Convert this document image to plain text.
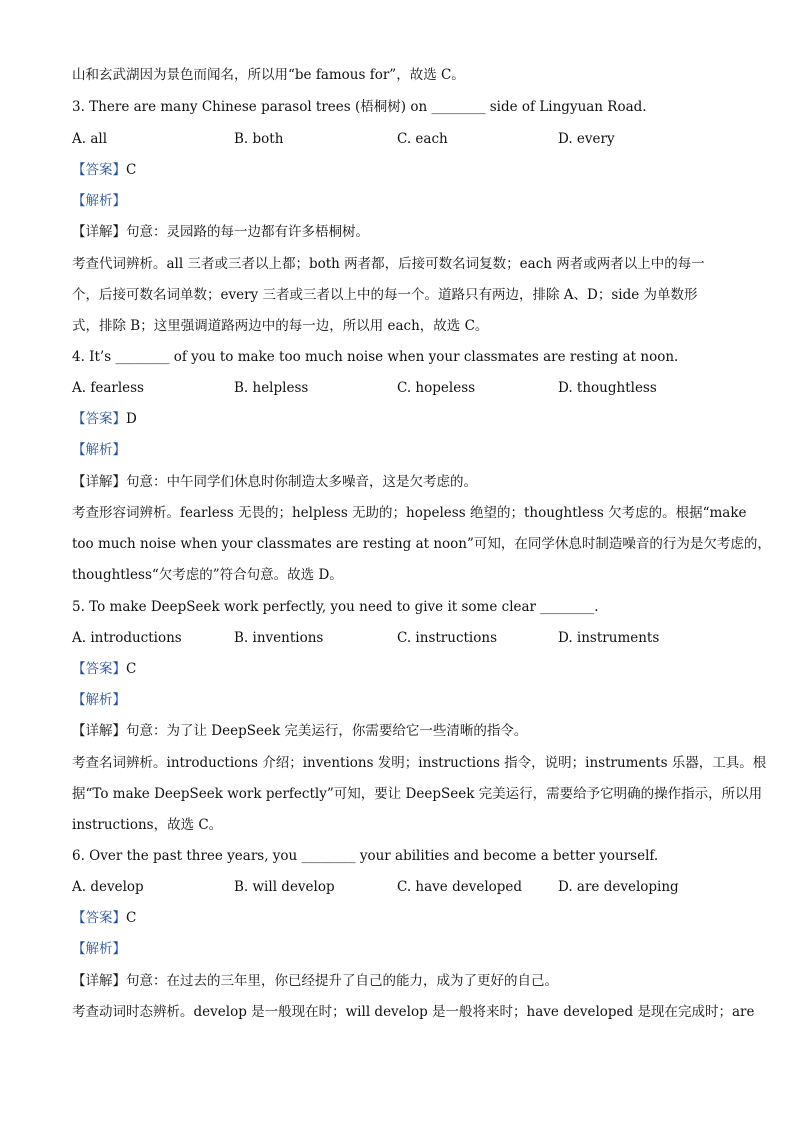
山和玄武湖因为景色而闻名，所以用“be famous for”，故选 C。
3. There are many Chinese parasol trees (梧桐树) on ________ side of Lingyuan Road.
A. all	B. both	C. each	D. every
【答案】C
【解析】
【详解】句意：灵园路的每一边都有许多梧桐树。
考查代词辨析。all 三者或三者以上都；both 两者都，后接可数名词复数；each 两者或两者以上中的每一
个，后接可数名词单数；every 三者或三者以上中的每一个。道路只有两边，排除 A、D；side 为单数形
式，排除 B；这里强调道路两边中的每一边，所以用 each，故选 C。
4. It’s ________ of you to make too much noise when your classmates are resting at noon.
A. fearless	B. helpless	C. hopeless	D. thoughtless
【答案】D
【解析】
【详解】句意：中午同学们休息时你制造太多噪音，这是欠考虑的。
考查形容词辨析。fearless 无畏的；helpless 无助的；hopeless 绝望的；thoughtless 欠考虑的。根据“make
too much noise when your classmates are resting at noon”可知，在同学休息时制造噪音的行为是欠考虑的，
thoughtless“欠考虑的”符合句意。故选 D。
5. To make DeepSeek work perfectly, you need to give it some clear ________.
A. introductions	B. inventions	C. instructions	D. instruments
【答案】C
【解析】
【详解】句意：为了让 DeepSeek 完美运行，你需要给它一些清晰的指令。
考查名词辨析。introductions 介绍；inventions 发明；instructions 指令，说明；instruments 乐器，工具。根
据“To make DeepSeek work perfectly”可知，要让 DeepSeek 完美运行，需要给予它明确的操作指示，所以用
instructions，故选 C。
6. Over the past three years, you ________ your abilities and become a better yourself.
A. develop	B. will develop	C. have developed	D. are developing
【答案】C
【解析】
【详解】句意：在过去的三年里，你已经提升了自己的能力，成为了更好的自己。
考查动词时态辨析。develop 是一般现在时；will develop 是一般将来时；have developed 是现在完成时；are
